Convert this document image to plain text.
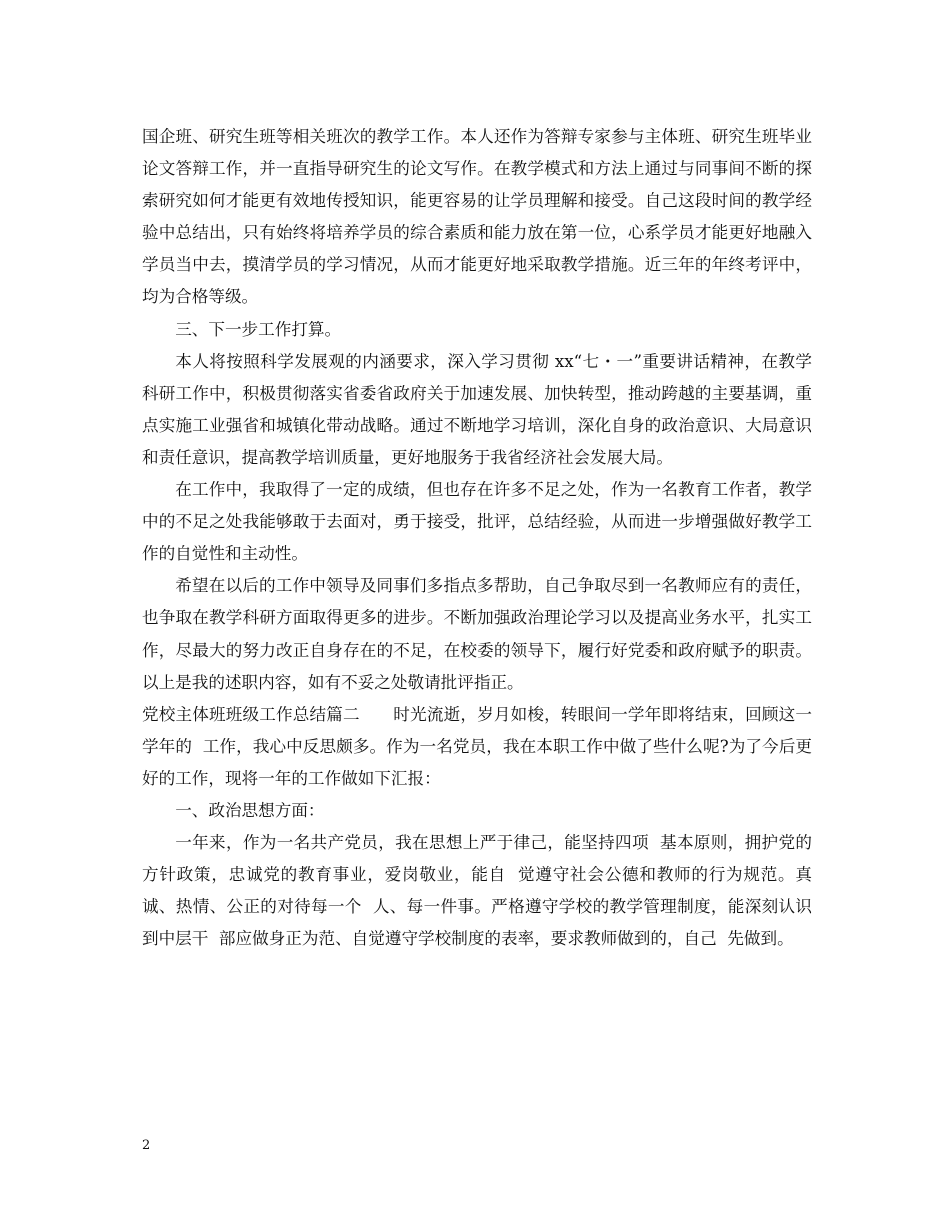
国企班、研究生班等相关班次的教学工作。本人还作为答辩专家参与主体班、研究生班毕业论文答辩工作，并一直指导研究生的论文写作。在教学模式和方法上通过与同事间不断的探索研究如何才能更有效地传授知识，能更容易的让学员理解和接受。自己这段时间的教学经验中总结出，只有始终将培养学员的综合素质和能力放在第一位，心系学员才能更好地融入学员当中去，摸清学员的学习情况，从而才能更好地采取教学措施。近三年的年终考评中，均为合格等级。

三、下一步工作打算。

本人将按照科学发展观的内涵要求，深入学习贯彻 xx“七・一”重要讲话精神，在教学科研工作中，积极贯彻落实省委省政府关于加速发展、加快转型，推动跨越的主要基调，重点实施工业强省和城镇化带动战略。通过不断地学习培训，深化自身的政治意识、大局意识和责任意识，提高教学培训质量，更好地服务于我省经济社会发展大局。

在工作中，我取得了一定的成绩，但也存在许多不足之处，作为一名教育工作者，教学中的不足之处我能够敢于去面对，勇于接受，批评，总结经验，从而进一步增强做好教学工作的自觉性和主动性。

希望在以后的工作中领导及同事们多指点多帮助，自己争取尽到一名教师应有的责任，也争取在教学科研方面取得更多的进步。不断加强政治理论学习以及提高业务水平，扎实工作，尽最大的努力改正自身存在的不足，在校委的领导下，履行好党委和政府赋予的职责。以上是我的述职内容，如有不妥之处敬请批评指正。

党校主体班班级工作总结篇二　　时光流逝，岁月如梭，转眼间一学年即将结束，回顾这一学年的  工作，我心中反思颇多。作为一名党员，我在本职工作中做了些什么呢?为了今后更好的工作，现将一年的工作做如下汇报：

一、政治思想方面：

一年来，作为一名共产党员，我在思想上严于律己，能坚持四项  基本原则，拥护党的方针政策，忠诚党的教育事业，爱岗敬业，能自  觉遵守社会公德和教师的行为规范。真诚、热情、公正的对待每一个  人、每一件事。严格遵守学校的教学管理制度，能深刻认识到中层干  部应做身正为范、自觉遵守学校制度的表率，要求教师做到的，自己  先做到。

2
